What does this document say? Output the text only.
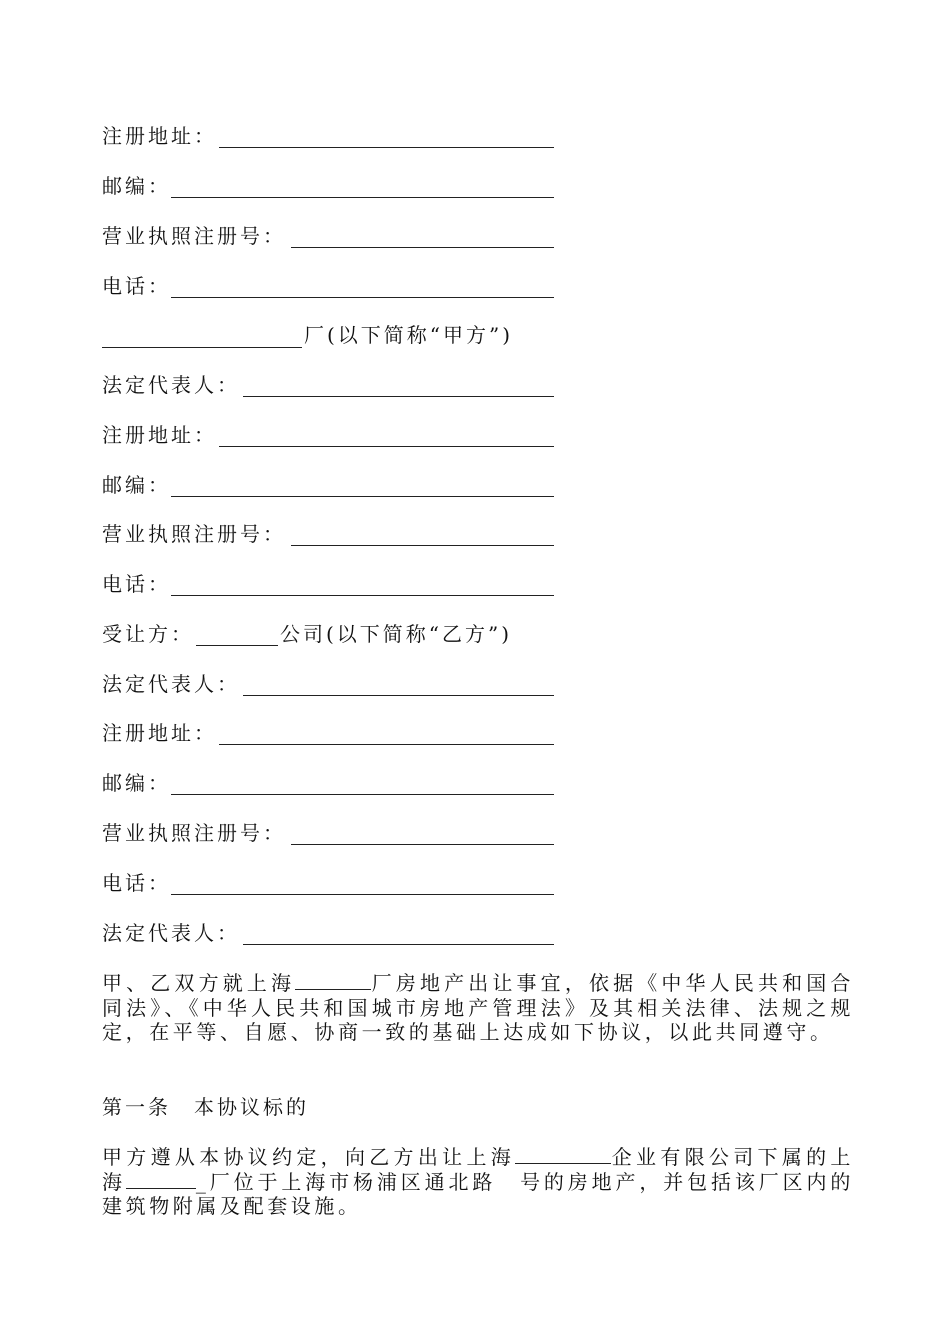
注册地址：
邮编：
营业执照注册号：
电话：
厂(以下简称“甲方”)
法定代表人：
注册地址：
邮编：
营业执照注册号：
电话：
受让方：	公司(以下简称“乙方”)
法定代表人：
注册地址：
邮编：
营业执照注册号：
电话：
法定代表人：
甲、乙双方就上海	厂房地产出让事宜，依据《中华人民共和国合同法》、《中华人民共和国城市房地产管理法》及其相关法律、法规之规定，在平等、自愿、协商一致的基础上达成如下协议，以此共同遵守。
第一条　本协议标的
甲方遵从本协议约定，向乙方出让上海	企业有限公司下属的上海	_厂位于上海市杨浦区通北路　号的房地产，并包括该厂区内的建筑物附属及配套设施。
